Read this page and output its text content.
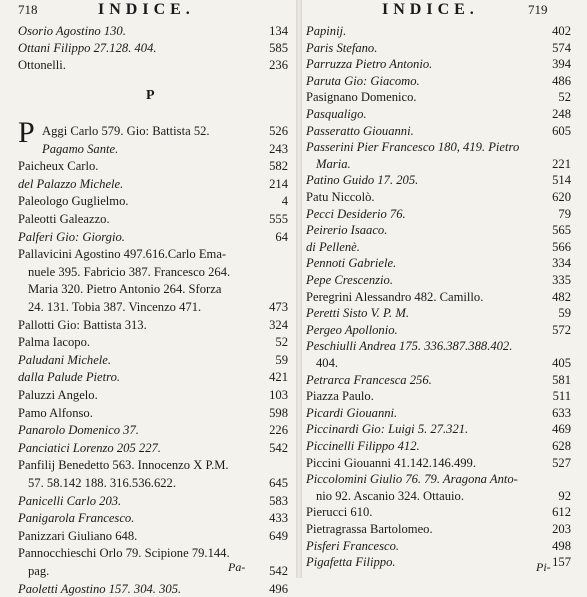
718	INDICE.
P
P
Pa-
Osorio Agostino 130.	134
Ottani Filippo 27.128. 404.	585
Ottonelli.	236
Aggi Carlo 579. Gio: Battista 52.	526
Pagamo Sante.	243
Paicheux Carlo.	582
del Palazzo Michele.	214
Paleologo Guglielmo.	4
Paleotti Galeazzo.	555
Palferi Gio: Giorgio.	64
Pallavicini Agostino 497.616.Carlo Ema-
nuele 395. Fabricio 387. Francesco 264.
Maria 320. Pietro Antonio 264. Sforza
24. 131. Tobia 387. Vincenzo 471.	473
Pallotti Gio: Battista 313.	324
Palma Iacopo.	52
Paludani Michele.	59
dalla Palude Pietro.	421
Paluzzi Angelo.	103
Pamo Alfonso.	598
Panarolo Domenico 37.	226
Panciatici Lorenzo 205 227.	542
Panfilij Benedetto 563. Innocenzo X P.M.
57. 58.142 188. 316.536.622.	645
Panicelli Carlo 203.	583
Panigarola Francesco.	433
Panizzari Giuliano 648.	649
Pannocchieschi Orlo 79. Scipione 79.144.
pag.	542
Paoletti Agostino 157. 304. 305.	496
INDICE.	719
Pi-
Papinij.	402
Paris Stefano.	574
Parruzza Pietro Antonio.	394
Paruta Gio: Giacomo.	486
Pasignano Domenico.	52
Pasqualigo.	248
Passeratto Giouanni.	605
Passerini Pier Francesco 180, 419. Pietro
Maria.	221
Patino Guido 17. 205.	514
Patu Niccolò.	620
Pecci Desiderio 76.	79
Peirerio Isaaco.	565
di Pellenè.	566
Pennoti Gabriele.	334
Pepe Crescenzio.	335
Peregrini Alessandro 482. Camillo.	482
Peretti Sisto V. P. M.	59
Pergeo Apollonio.	572
Peschiulli Andrea 175. 336.387.388.402.
404.	405
Petrarca Francesca 256.	581
Piazza Paulo.	511
Picardi Giouanni.	633
Piccinardi Gio: Luigi 5. 27.321.	469
Piccinelli Filippo 412.	628
Piccini Giouanni 41.142.146.499.	527
Piccolomini Giulio 76. 79. Aragona Anto-
nio 92. Ascanio 324. Ottauio.	92
Pierucci 610.	612
Pietragrassa Bartolomeo.	203
Pisferi Francesco.	498
Pigafetta Filippo.	157
